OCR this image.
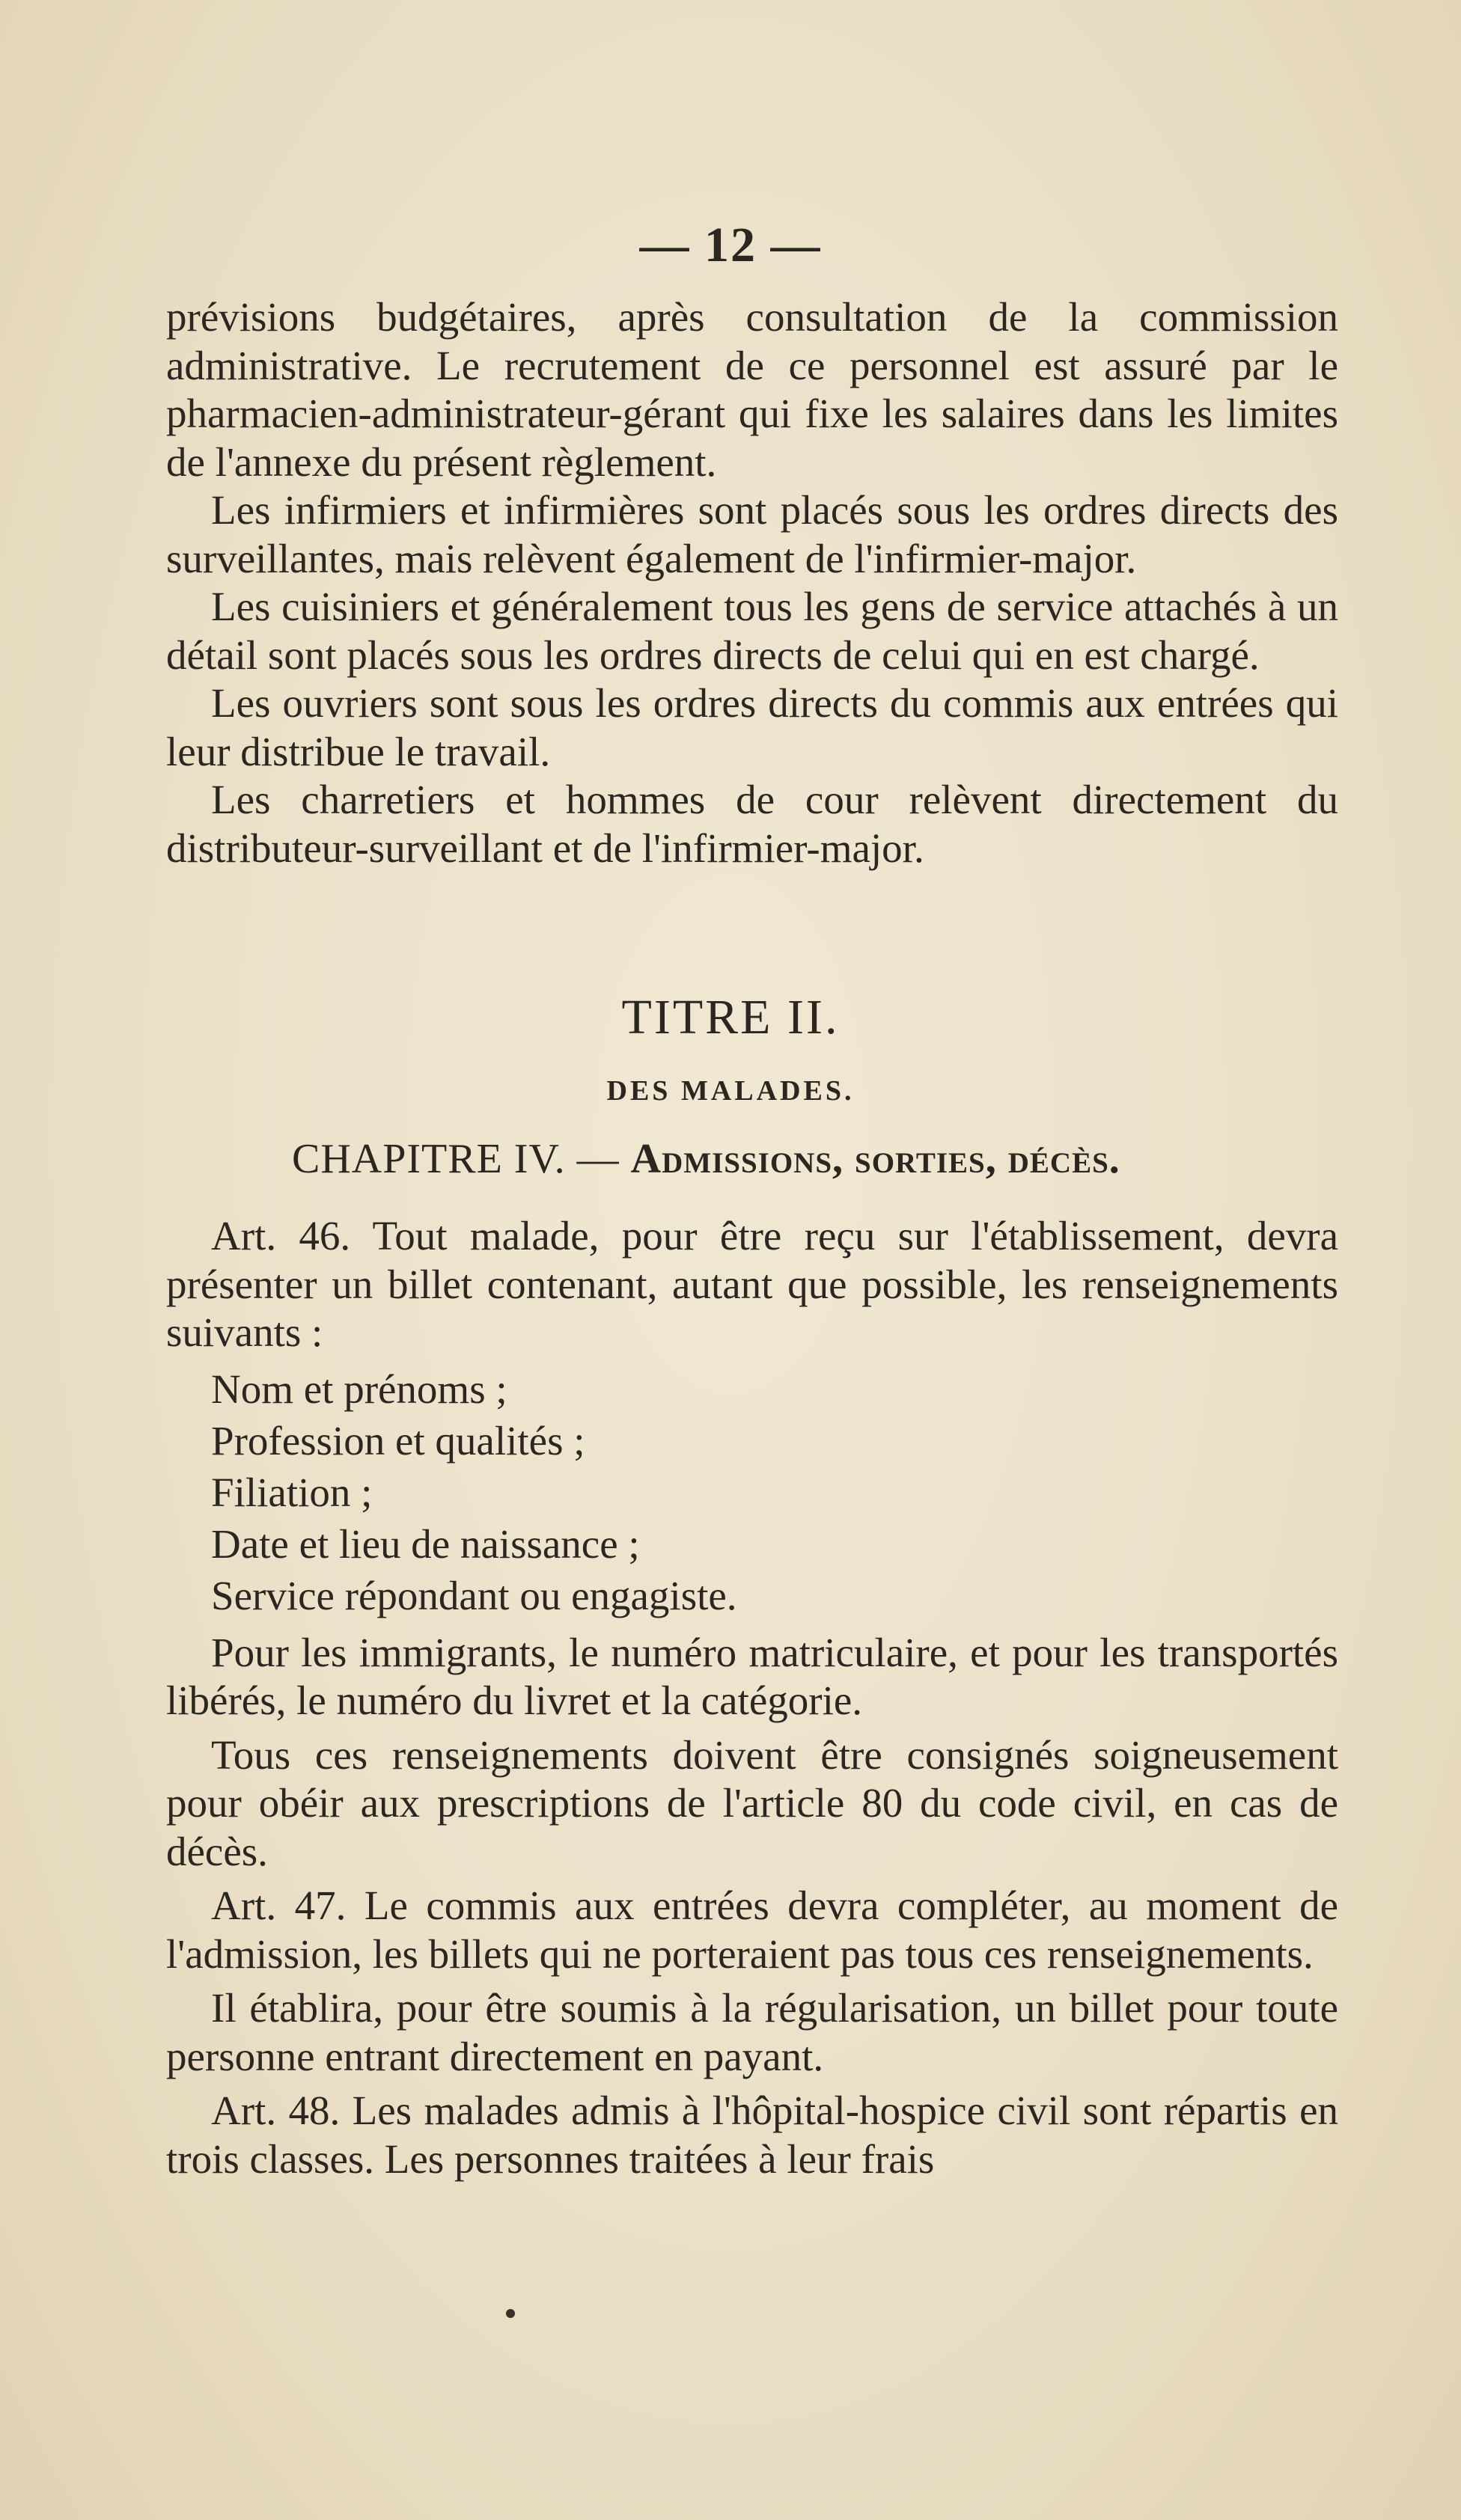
— 12 —

prévisions budgétaires, après consultation de la commission administrative. Le recrutement de ce personnel est assuré par le pharmacien-administrateur-gérant qui fixe les salaires dans les limites de l'annexe du présent règlement.

Les infirmiers et infirmières sont placés sous les ordres directs des surveillantes, mais relèvent également de l'infirmier-major.

Les cuisiniers et généralement tous les gens de service attachés à un détail sont placés sous les ordres directs de celui qui en est chargé.

Les ouvriers sont sous les ordres directs du commis aux entrées qui leur distribue le travail.

Les charretiers et hommes de cour relèvent directement du distributeur-surveillant et de l'infirmier-major.

TITRE II.
DES MALADES.
CHAPITRE IV. — Admissions, sorties, décès.

Art. 46. Tout malade, pour être reçu sur l'établissement, devra présenter un billet contenant, autant que possible, les renseignements suivants :

Nom et prénoms ;
Profession et qualités ;
Filiation ;
Date et lieu de naissance ;
Service répondant ou engagiste.

Pour les immigrants, le numéro matriculaire, et pour les transportés libérés, le numéro du livret et la catégorie.

Tous ces renseignements doivent être consignés soigneusement pour obéir aux prescriptions de l'article 80 du code civil, en cas de décès.

Art. 47. Le commis aux entrées devra compléter, au moment de l'admission, les billets qui ne porteraient pas tous ces renseignements.

Il établira, pour être soumis à la régularisation, un billet pour toute personne entrant directement en payant.

Art. 48. Les malades admis à l'hôpital-hospice civil sont répartis en trois classes. Les personnes traitées à leur frais
